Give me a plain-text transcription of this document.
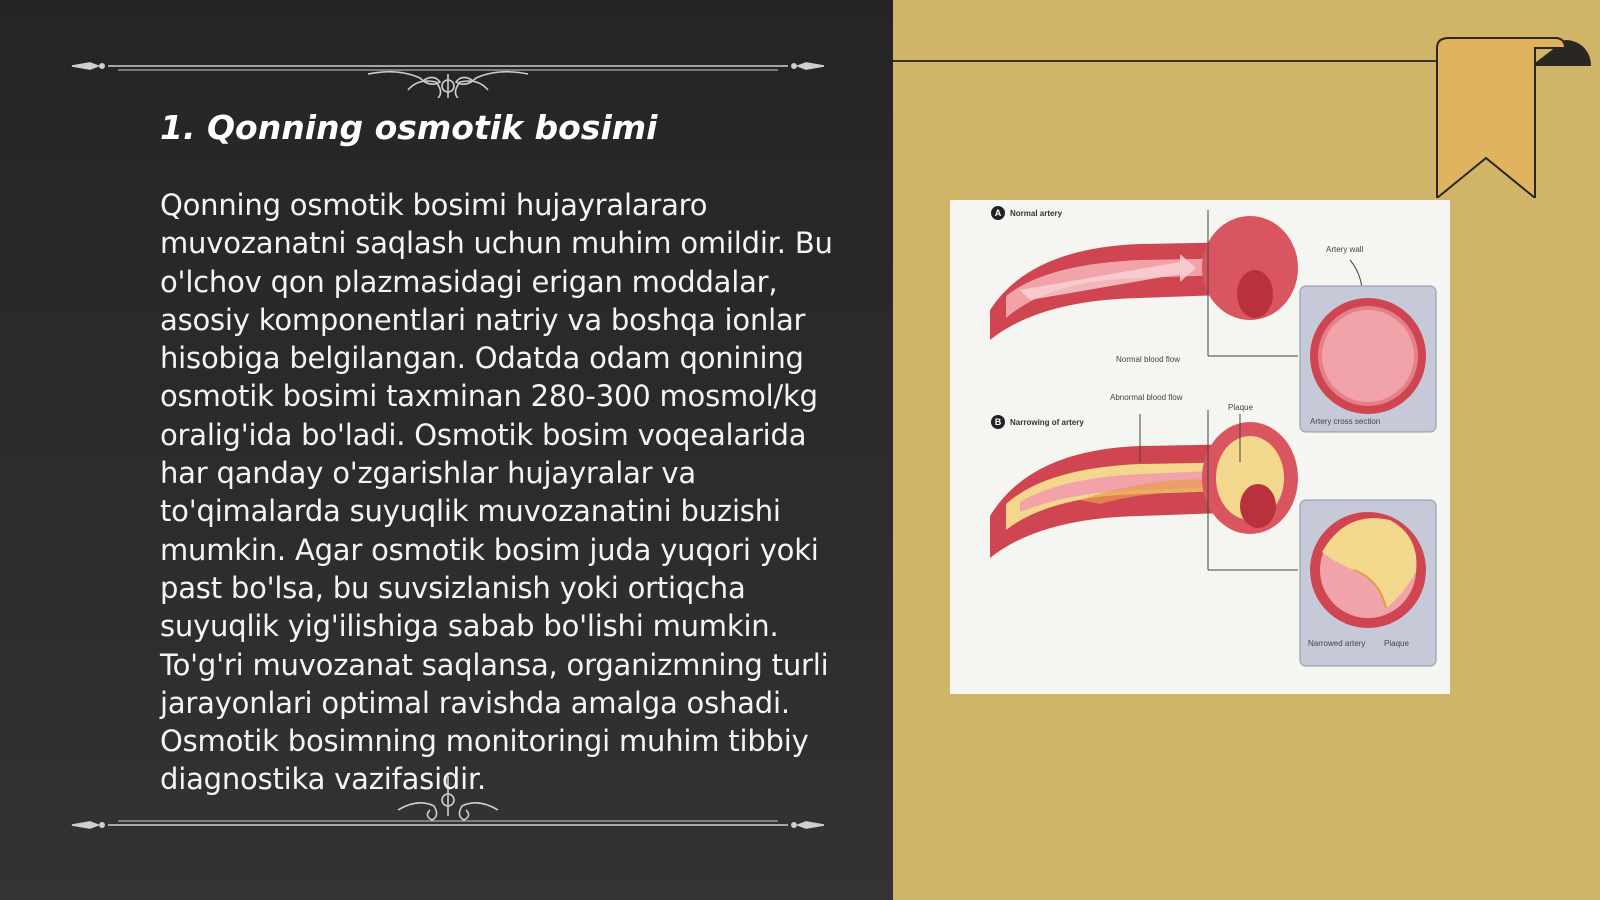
1. Qonning osmotik bosimi

Qonning osmotik bosimi hujayralararo muvozanatni saqlash uchun muhim omildir. Bu o'lchov qon plazmasidagi erigan moddalar, asosiy komponentlari natriy va boshqa ionlar hisobiga belgilangan. Odatda odam qonining osmotik bosimi taxminan 280-300 mosmol/kg oralig'ida bo'ladi. Osmotik bosim voqealarida har qanday o'zgarishlar hujayralar va to'qimalarda suyuqlik muvozanatini buzishi mumkin. Agar osmotik bosim juda yuqori yoki past bo'lsa, bu suvsizlanish yoki ortiqcha suyuqlik yig'ilishiga sabab bo'lishi mumkin. To'g'ri muvozanat saqlansa, organizmning turli jarayonlari optimal ravishda amalga oshadi. Osmotik bosimning monitoringi muhim tibbiy diagnostika vazifasidir.

A Normal artery
Artery wall
Normal blood flow
Artery cross section
B Narrowing of artery
Abnormal blood flow
Plaque
Narrowed artery Plaque
